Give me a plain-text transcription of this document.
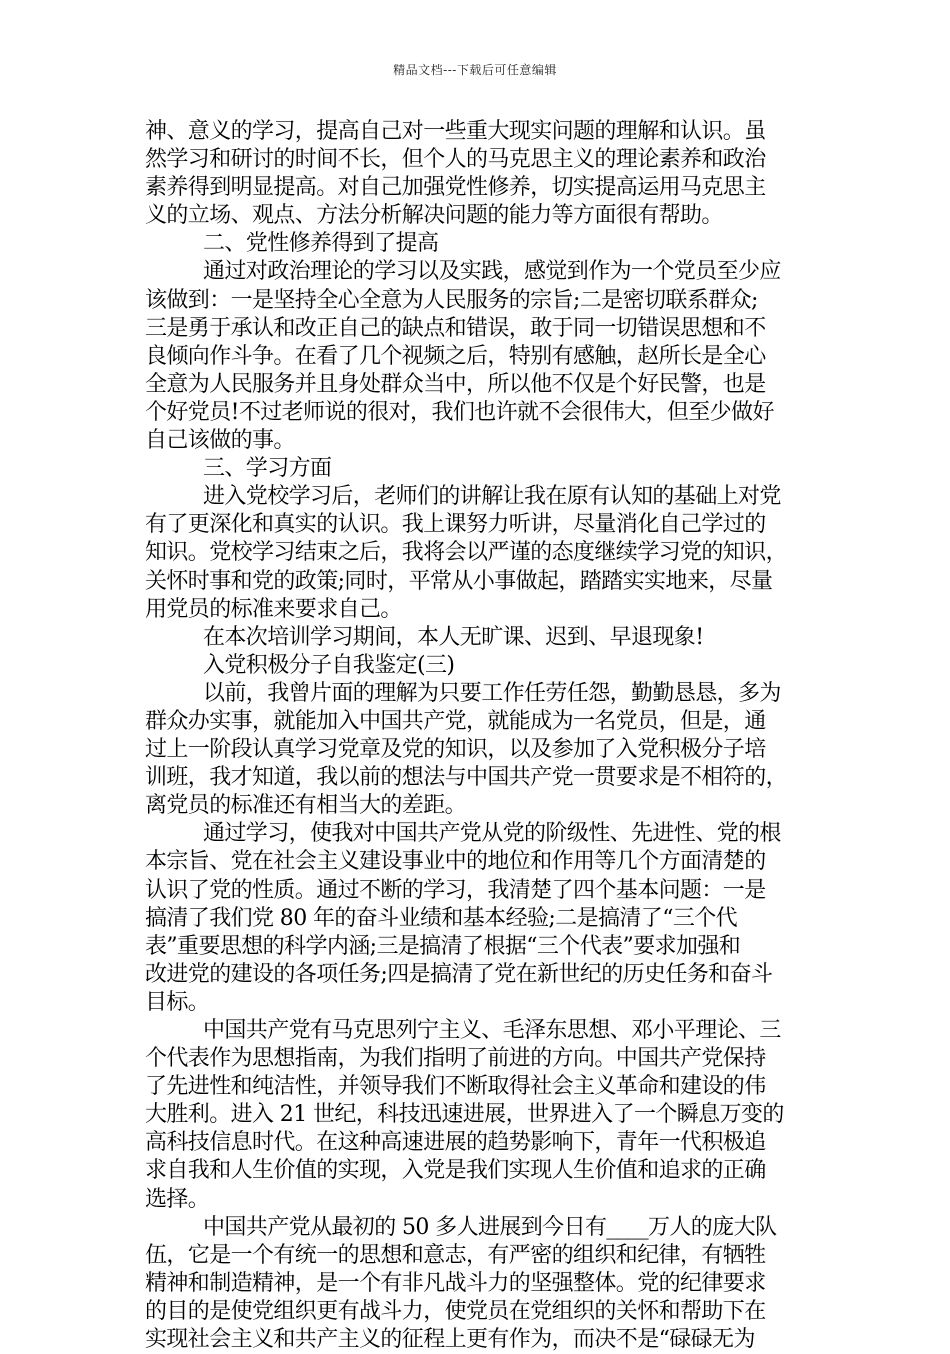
精品文档---下载后可任意编辑
神、意义的学习，提高自己对一些重大现实问题的理解和认识。虽
然学习和研讨的时间不长，但个人的马克思主义的理论素养和政治
素养得到明显提高。对自己加强党性修养，切实提高运用马克思主
义的立场、观点、方法分析解决问题的能力等方面很有帮助。
二、党性修养得到了提高
通过对政治理论的学习以及实践，感觉到作为一个党员至少应
该做到：一是坚持全心全意为人民服务的宗旨;二是密切联系群众;
三是勇于承认和改正自己的缺点和错误，敢于同一切错误思想和不
良倾向作斗争。在看了几个视频之后，特别有感触，赵所长是全心
全意为人民服务并且身处群众当中，所以他不仅是个好民警，也是
个好党员!不过老师说的很对，我们也许就不会很伟大，但至少做好
自己该做的事。
三、学习方面
进入党校学习后，老师们的讲解让我在原有认知的基础上对党
有了更深化和真实的认识。我上课努力听讲，尽量消化自己学过的
知识。党校学习结束之后，我将会以严谨的态度继续学习党的知识，
关怀时事和党的政策;同时，平常从小事做起，踏踏实实地来，尽量
用党员的标准来要求自己。
在本次培训学习期间，本人无旷课、迟到、早退现象!
入党积极分子自我鉴定(三)
以前，我曾片面的理解为只要工作任劳任怨，勤勤恳恳，多为
群众办实事，就能加入中国共产党，就能成为一名党员，但是，通
过上一阶段认真学习党章及党的知识，以及参加了入党积极分子培
训班，我才知道，我以前的想法与中国共产党一贯要求是不相符的，
离党员的标准还有相当大的差距。
通过学习，使我对中国共产党从党的阶级性、先进性、党的根
本宗旨、党在社会主义建设事业中的地位和作用等几个方面清楚的
认识了党的性质。通过不断的学习，我清楚了四个基本问题：一是
搞清了我们党 80 年的奋斗业绩和基本经验;二是搞清了“三个代
表”重要思想的科学内涵;三是搞清了根据“三个代表”要求加强和
改进党的建设的各项任务;四是搞清了党在新世纪的历史任务和奋斗
目标。
中国共产党有马克思列宁主义、毛泽东思想、邓小平理论、三
个代表作为思想指南，为我们指明了前进的方向。中国共产党保持
了先进性和纯洁性，并领导我们不断取得社会主义革命和建设的伟
大胜利。进入 21 世纪，科技迅速进展，世界进入了一个瞬息万变的
高科技信息时代。在这种高速进展的趋势影响下，青年一代积极追
求自我和人生价值的实现，入党是我们实现人生价值和追求的正确
选择。
中国共产党从最初的 50 多人进展到今日有____万人的庞大队
伍，它是一个有统一的思想和意志，有严密的组织和纪律，有牺牲
精神和制造精神，是一个有非凡战斗力的坚强整体。党的纪律要求
的目的是使党组织更有战斗力，使党员在党组织的关怀和帮助下在
实现社会主义和共产主义的征程上更有作为，而决不是“碌碌无为
